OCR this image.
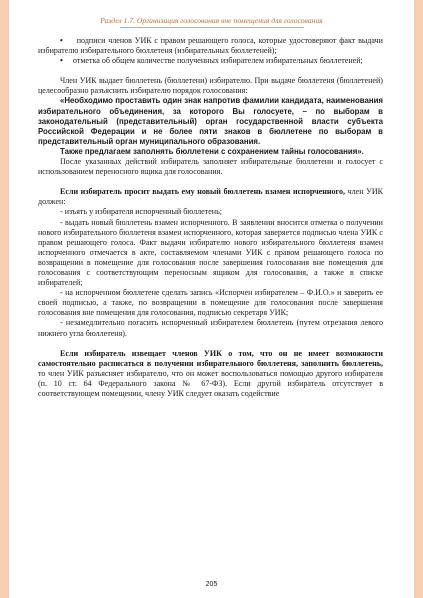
Раздел 1.7. Организация голосования вне помещения для голосования

• подписи членов УИК с правом решающего голоса, которые удостоверяют факт выдачи избирателю избирательного бюллетеня (избирательных бюллетеней);

• отметка об общем количестве полученных избирателем избирательных бюллетеней;

Член УИК выдает бюллетень (бюллетени) избирателю. При выдаче бюллетеня (бюллетеней) целесообразно разъяснить избирателю порядок голосования:

«Необходимо проставить один знак напротив фамилии кандидата, наименования избирательного объединения, за которого Вы голосуете, – по выборам в законодательный (представительный) орган государственной власти субъекта Российской Федерации и не более пяти знаков в бюллетене по выборам в представительный орган муниципального образования.

Также предлагаем заполнять бюллетени с сохранением тайны голосования».

После указанных действий избиратель заполняет избирательные бюллетени и голосует с использованием переносного ящика для голосования.

Если избиратель просит выдать ему новый бюллетень взамен испорченного, член УИК должен:

- изъять у избирателя испорченный бюллетень;

- выдать новый бюллетень взамен испорченного. В заявлении вносится отметка о получении нового избирательного бюллетеня взамен испорченного, которая заверяется подписью члена УИК с правом решающего голоса. Факт выдачи избирателю нового избирательного бюллетеня взамен испорченного отмечается в акте, составляемом членами УИК с правом решающего голоса по возвращении в помещение для голосования после завершения голосования вне помещения для голосования с соответствующим переносным ящиком для голосования, а также в списке избирателей;

- на испорченном бюллетене сделать запись «Испорчен избирателем – Ф.И.О.» и заверить ее своей подписью, а также, по возвращении в помещение для голосования после завершения голосования вне помещения для голосования, подписью секретаря УИК;

- незамедлительно погасить испорченный избирателем бюллетень (путем отрезания левого нижнего угла бюллетеня).

Если избиратель извещает членов УИК о том, что он не имеет возможности самостоятельно расписаться в получении избирательного бюллетеня, заполнить бюллетень, то член УИК разъясняет избирателю, что он может воспользоваться помощью другого избирателя (п. 10 ст. 64 Федерального закона № 67-ФЗ). Если другой избиратель отсутствует в соответствующем помещении, члену УИК следует оказать содействие

205
